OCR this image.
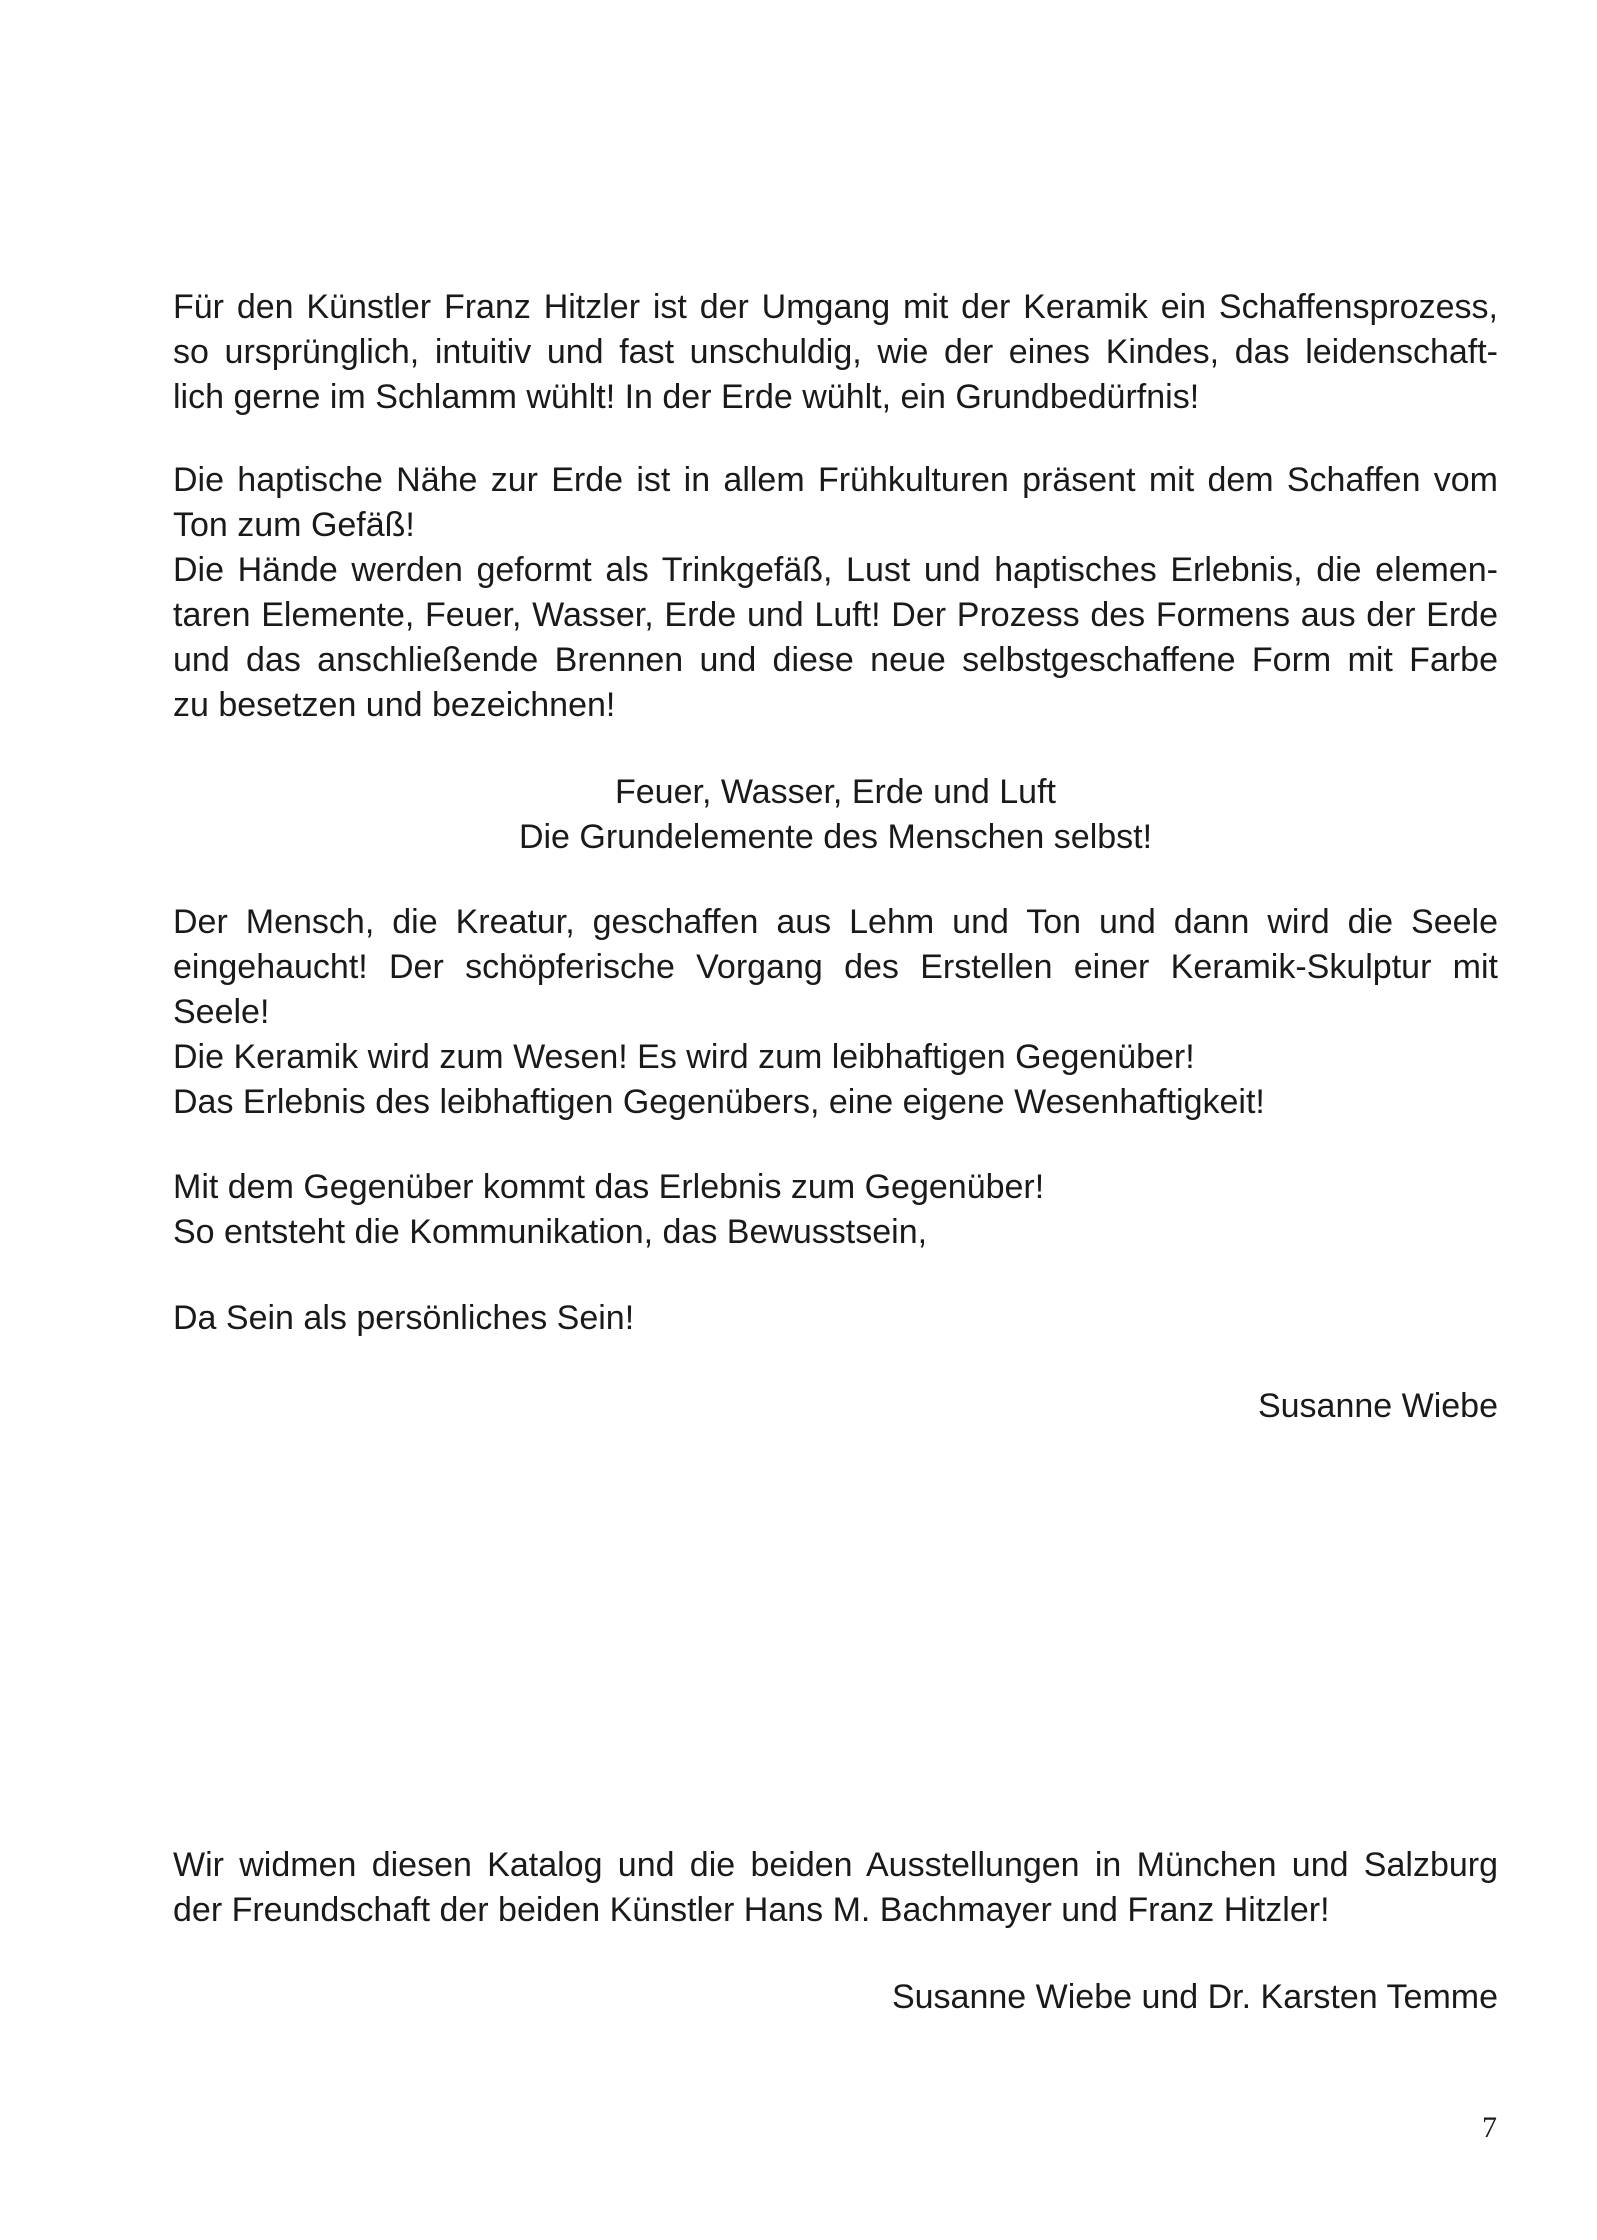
Für den Künstler Franz Hitzler ist der Umgang mit der Keramik ein Schaffensprozess,
so ursprünglich, intuitiv und fast unschuldig, wie der eines Kindes, das leidenschaft-
lich gerne im Schlamm wühlt! In der Erde wühlt, ein Grundbedürfnis!
Die haptische Nähe zur Erde ist in allem Frühkulturen präsent mit dem Schaffen vom
Ton zum Gefäß!
Die Hände werden geformt als Trinkgefäß, Lust und haptisches Erlebnis, die elemen-
taren Elemente, Feuer, Wasser, Erde und Luft! Der Prozess des Formens aus der Erde
und das anschließende Brennen und diese neue selbstgeschaffene Form mit Farbe
zu besetzen und bezeichnen!
Feuer, Wasser, Erde und Luft
Die Grundelemente des Menschen selbst!
Der Mensch, die Kreatur, geschaffen aus Lehm und Ton und dann wird die Seele
eingehaucht! Der schöpferische Vorgang des Erstellen einer Keramik-Skulptur mit
Seele!
Die Keramik wird zum Wesen! Es wird zum leibhaftigen Gegenüber!
Das Erlebnis des leibhaftigen Gegenübers, eine eigene Wesenhaftigkeit!
Mit dem Gegenüber kommt das Erlebnis zum Gegenüber!
So entsteht die Kommunikation, das Bewusstsein,
Da Sein als persönliches Sein!
Susanne Wiebe
Wir widmen diesen Katalog und die beiden Ausstellungen in München und Salzburg
der Freundschaft der beiden Künstler Hans M. Bachmayer und Franz Hitzler!
Susanne Wiebe und Dr. Karsten Temme
7
